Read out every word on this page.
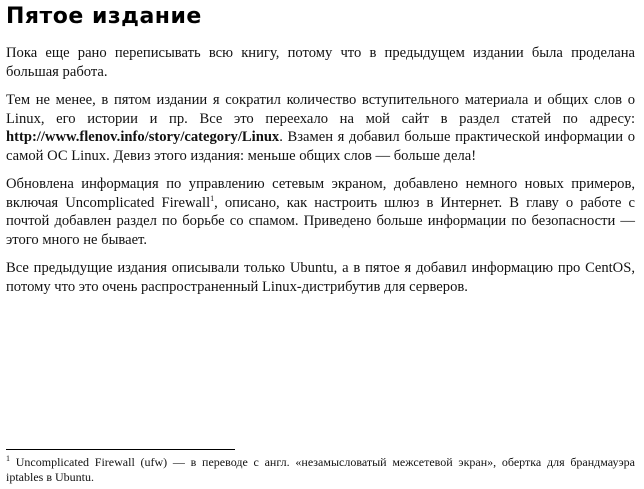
Пятое издание

Пока еще рано переписывать всю книгу, потому что в предыдущем издании была проделана большая работа.

Тем не менее, в пятом издании я сократил количество вступительного материала и общих слов о Linux, его истории и пр. Все это переехало на мой сайт в раздел статей по адресу: http://www.flenov.info/story/category/Linux. Взамен я добавил больше практической информации о самой ОС Linux. Девиз этого издания: меньше общих слов — больше дела!

Обновлена информация по управлению сетевым экраном, добавлено немного новых примеров, включая Uncomplicated Firewall$^1$, описано, как настроить шлюз в Интернет. В главу о работе с почтой добавлен раздел по борьбе со спамом. Приведено больше информации по безопасности — этого много не бывает.

Все предыдущие издания описывали только Ubuntu, а в пятое я добавил информацию про CentOS, потому что это очень распространенный Linux-дистрибутив для серверов.

$^1$ Uncomplicated Firewall (ufw) — в переводе с англ. «незамысловатый межсетевой экран», обертка для брандмауэра iptables в Ubuntu.
